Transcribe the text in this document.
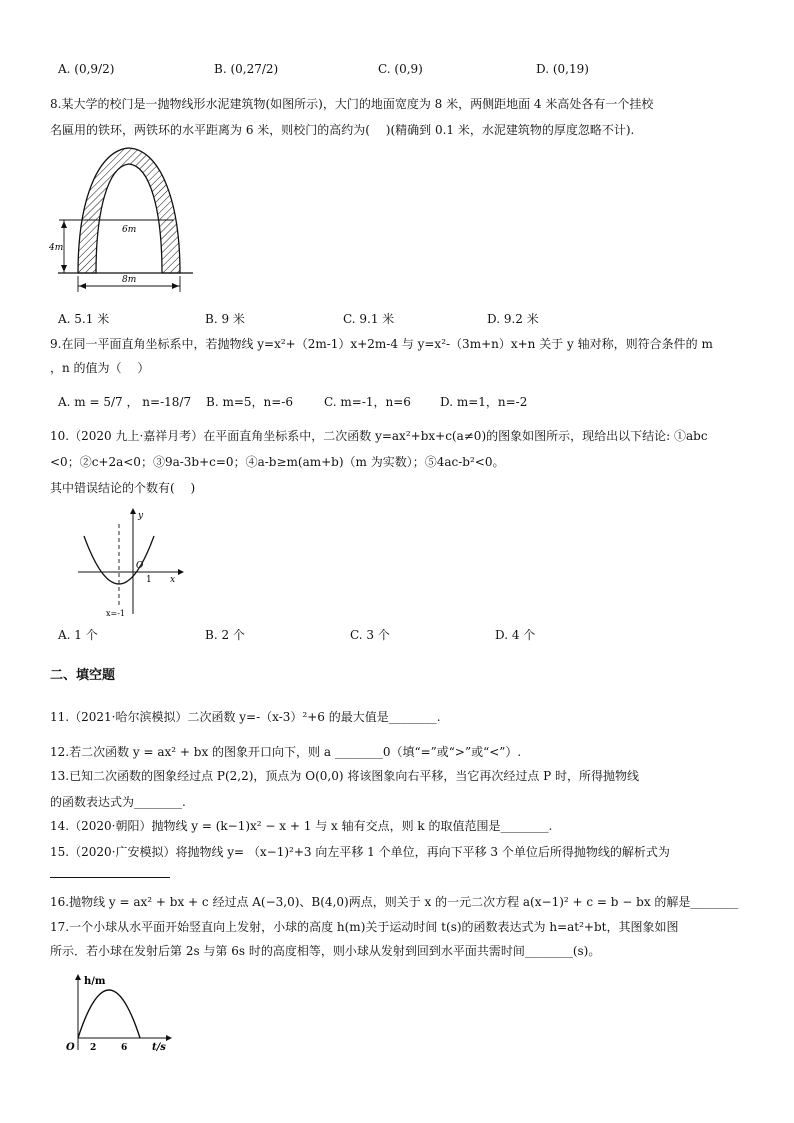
A. (0,9/2)	B. (0,27/2)	C. (0,9)	D. (0,19)
8.某大学的校门是一抛物线形水泥建筑物(如图所示)，大门的地面宽度为 8 米，两侧距地面 4 米高处各有一个挂校
名匾用的铁环，两铁环的水平距离为 6 米，则校门的高约为(　 )(精确到 0.1 米，水泥建筑物的厚度忽略不计).
6m
4m
8m
A. 5.1 米	B. 9 米	C. 9.1 米	D. 9.2 米
9.在同一平面直角坐标系中，若抛物线 y=x²+（2m-1）x+2m-4 与 y=x²-（3m+n）x+n 关于 y 轴对称，则符合条件的 m
，n 的值为（　 ）
A. m = 5/7 ， n=-18/7 B. m=5，n=-6	C. m=-1，n=6 D. m=1，n=-2
10.（2020 九上·嘉祥月考）在平面直角坐标系中，二次函数 y=ax²+bx+c(a≠0)的图象如图所示，现给出以下结论: ①abc
<0；②c+2a<0；③9a-3b+c=0；④a-b≥m(am+b)（m 为实数）；⑤4ac-b²<0。
其中错误结论的个数有(　 )
y
x
O
1
x=-1
A. 1 个	B. 2 个	C. 3 个	D. 4 个
二、填空题
11.（2021·哈尔滨模拟）二次函数 y=-（x-3）²+6 的最大值是________.
12.若二次函数 y = ax² + bx 的图象开口向下，则 a ________0（填“=”或“>”或“<”）.
13.已知二次函数的图象经过点 P(2,2)，顶点为 O(0,0) 将该图象向右平移，当它再次经过点 P 时，所得抛物线
的函数表达式为________.
14.（2020·朝阳）抛物线 y = (k−1)x² − x + 1 与 x 轴有交点，则 k 的取值范围是________.
15.（2020·广安模拟）将抛物线 y= （x−1)²+3 向左平移 1 个单位，再向下平移 3 个单位后所得抛物线的解析式为
16.抛物线 y = ax² + bx + c 经过点 A(−3,0)、B(4,0)两点，则关于 x 的一元二次方程 a(x−1)² + c = b − bx 的解是________
17.一个小球从水平面开始竖直向上发射，小球的高度 h(m)关于运动时间 t(s)的函数表达式为 h=at²+bt，其图象如图
所示．若小球在发射后第 2s 与第 6s 时的高度相等，则小球从发射到回到水平面共需时间________(s)。
h/m
t/s
O 2	6
